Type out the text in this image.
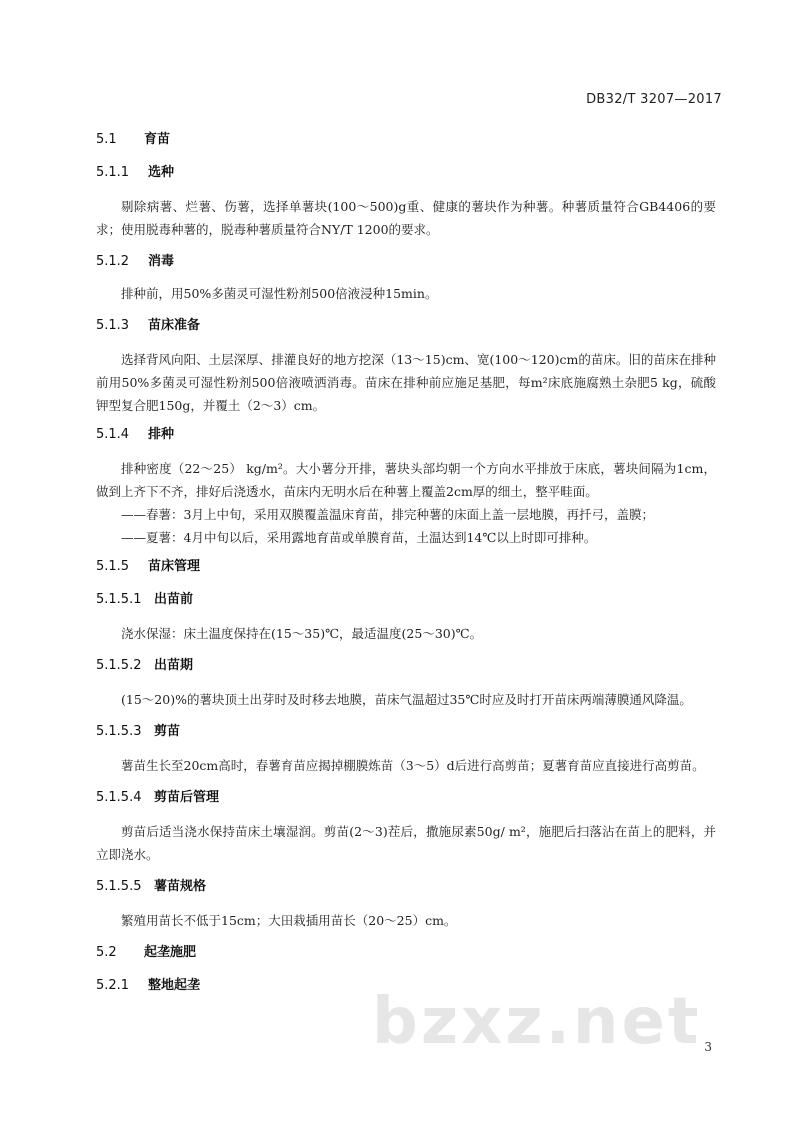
DB32/T 3207—2017
5.1	育苗
5.1.1	选种

剔除病薯、烂薯、伤薯，选择单薯块(100～500)g重、健康的薯块作为种薯。种薯质量符合GB4406的要求；使用脱毒种薯的，脱毒种薯质量符合NY/T 1200的要求。

5.1.2	消毒

排种前，用50%多菌灵可湿性粉剂500倍液浸种15min。

5.1.3	苗床准备

选择背风向阳、土层深厚、排灌良好的地方挖深（13～15)cm、宽(100～120)cm的苗床。旧的苗床在排种前用50%多菌灵可湿性粉剂500倍液喷洒消毒。苗床在排种前应施足基肥，每m²床底施腐熟土杂肥5 kg，硫酸钾型复合肥150g，并覆土（2～3）cm。

5.1.4	排种

排种密度（22～25） kg/m²。大小薯分开排，薯块头部均朝一个方向水平排放于床底，薯块间隔为1cm，做到上齐下不齐，排好后浇透水，苗床内无明水后在种薯上覆盖2cm厚的细土，整平畦面。

——春薯：3月上中旬，采用双膜覆盖温床育苗，排完种薯的床面上盖一层地膜，再扦弓，盖膜；

——夏薯：4月中旬以后，采用露地育苗或单膜育苗，土温达到14℃以上时即可排种。

5.1.5	苗床管理
5.1.5.1 出苗前

浇水保湿：床土温度保持在(15～35)℃，最适温度(25～30)℃。

5.1.5.2 出苗期

(15～20)%的薯块顶土出芽时及时移去地膜，苗床气温超过35℃时应及时打开苗床两端薄膜通风降温。

5.1.5.3 剪苗

薯苗生长至20cm高时，春薯育苗应揭掉棚膜炼苗（3～5）d后进行高剪苗；夏薯育苗应直接进行高剪苗。

5.1.5.4 剪苗后管理

剪苗后适当浇水保持苗床土壤湿润。剪苗(2～3)茬后，撒施尿素50g/ m²，施肥后扫落沾在苗上的肥料，并立即浇水。

5.1.5.5 薯苗规格

繁殖用苗长不低于15cm；大田栽插用苗长（20～25）cm。

5.2	起垄施肥
5.2.1	整地起垄	bzxz.net 3
